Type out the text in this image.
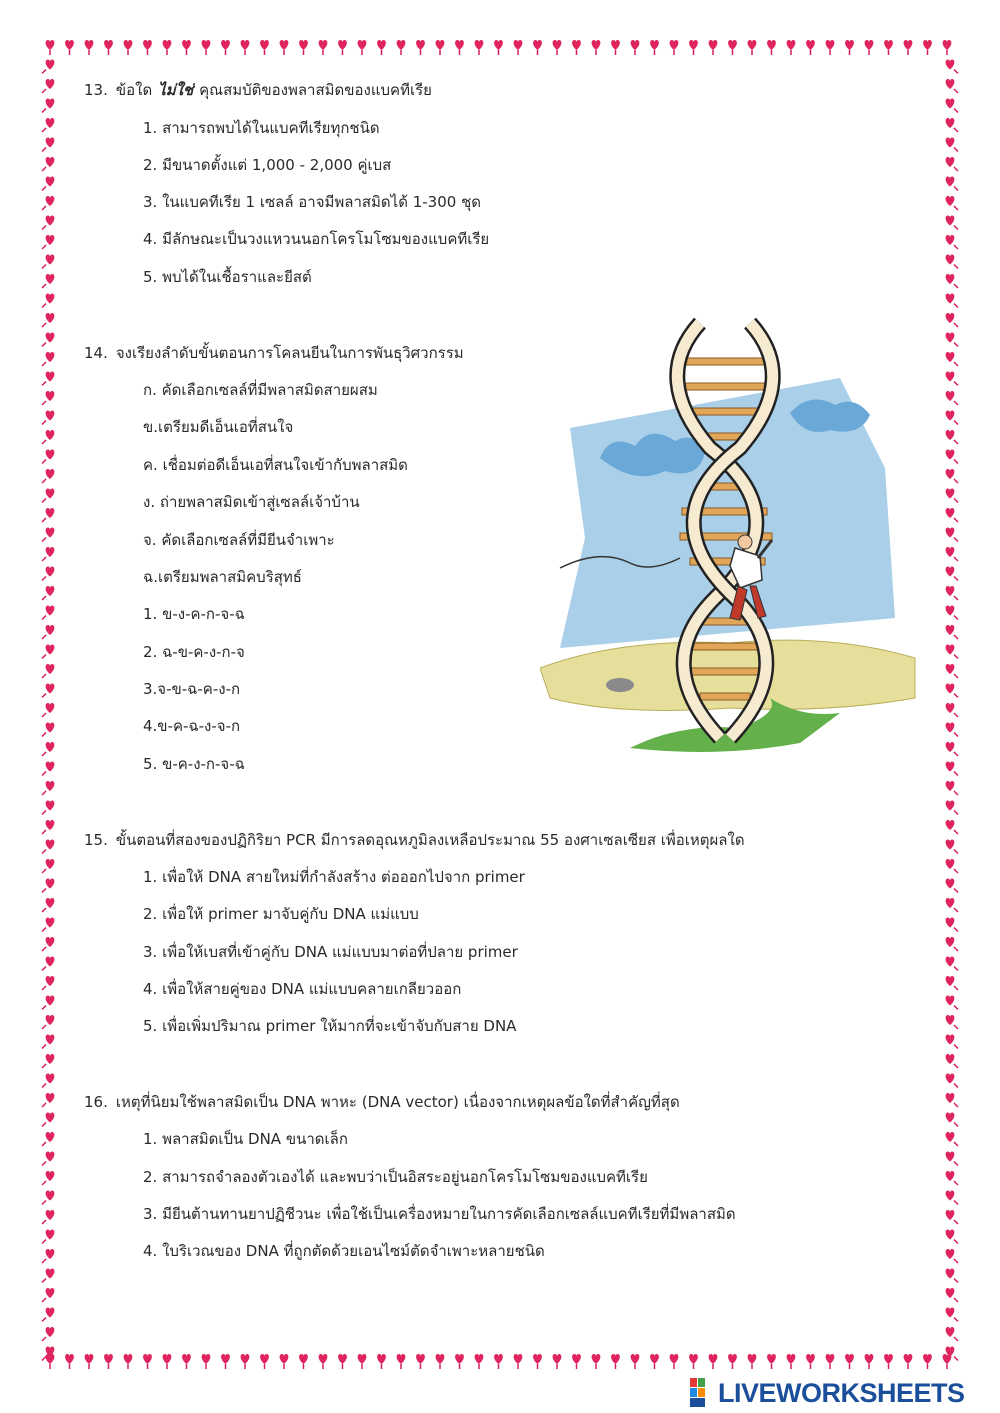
13. ข้อใด ไม่ใช่ คุณสมบัติของพลาสมิดของแบคทีเรีย
1. สามารถพบได้ในแบคทีเรียทุกชนิด
2. มีขนาดตั้งแต่ 1,000 - 2,000 คู่เบส
3. ในแบคทีเรีย 1 เซลล์ อาจมีพลาสมิดได้ 1-300 ชุด
4. มีลักษณะเป็นวงแหวนนอกโครโมโซมของแบคทีเรีย
5. พบได้ในเชื้อราและยีสต์
14. จงเรียงลำดับขั้นตอนการโคลนยีนในการพันธุวิศวกรรม
ก. คัดเลือกเซลล์ที่มีพลาสมิดสายผสม
ข.เตรียมดีเอ็นเอที่สนใจ
ค. เชื่อมต่อดีเอ็นเอที่สนใจเข้ากับพลาสมิด
ง. ถ่ายพลาสมิดเข้าสู่เซลล์เจ้าบ้าน
จ. คัดเลือกเซลล์ที่มียีนจำเพาะ
ฉ.เตรียมพลาสมิคบริสุทธ์
1. ข-ง-ค-ก-จ-ฉ
2. ฉ-ข-ค-ง-ก-จ
3.จ-ข-ฉ-ค-ง-ก
4.ข-ค-ฉ-ง-จ-ก
5. ข-ค-ง-ก-จ-ฉ
15. ขั้นตอนที่สองของปฏิกิริยา PCR มีการลดอุณหภูมิลงเหลือประมาณ 55 องศาเซลเซียส เพื่อเหตุผลใด
1. เพื่อให้ DNA สายใหม่ที่กำลังสร้าง ต่อออกไปจาก primer
2. เพื่อให้ primer มาจับคู่กับ DNA แม่แบบ
3. เพื่อให้เบสที่เข้าคู่กับ DNA แม่แบบมาต่อที่ปลาย primer
4. เพื่อให้สายคู่ของ DNA แม่แบบคลายเกลียวออก
5. เพื่อเพิ่มปริมาณ primer ให้มากที่จะเข้าจับกับสาย DNA
16. เหตุที่นิยมใช้พลาสมิดเป็น DNA พาหะ (DNA vector) เนื่องจากเหตุผลข้อใดที่สำคัญที่สุด
1. พลาสมิดเป็น DNA ขนาดเล็ก
2. สามารถจำลองตัวเองได้ และพบว่าเป็นอิสระอยู่นอกโครโมโซมของแบคทีเรีย
3. มียีนต้านทานยาปฏิชีวนะ เพื่อใช้เป็นเครื่องหมายในการคัดเลือกเซลล์แบคทีเรียที่มีพลาสมิด
4. ใบริเวณของ DNA ที่ถูกตัดด้วยเอนไซม์ตัดจำเพาะหลายชนิด
LIVEWORKSHEETS
